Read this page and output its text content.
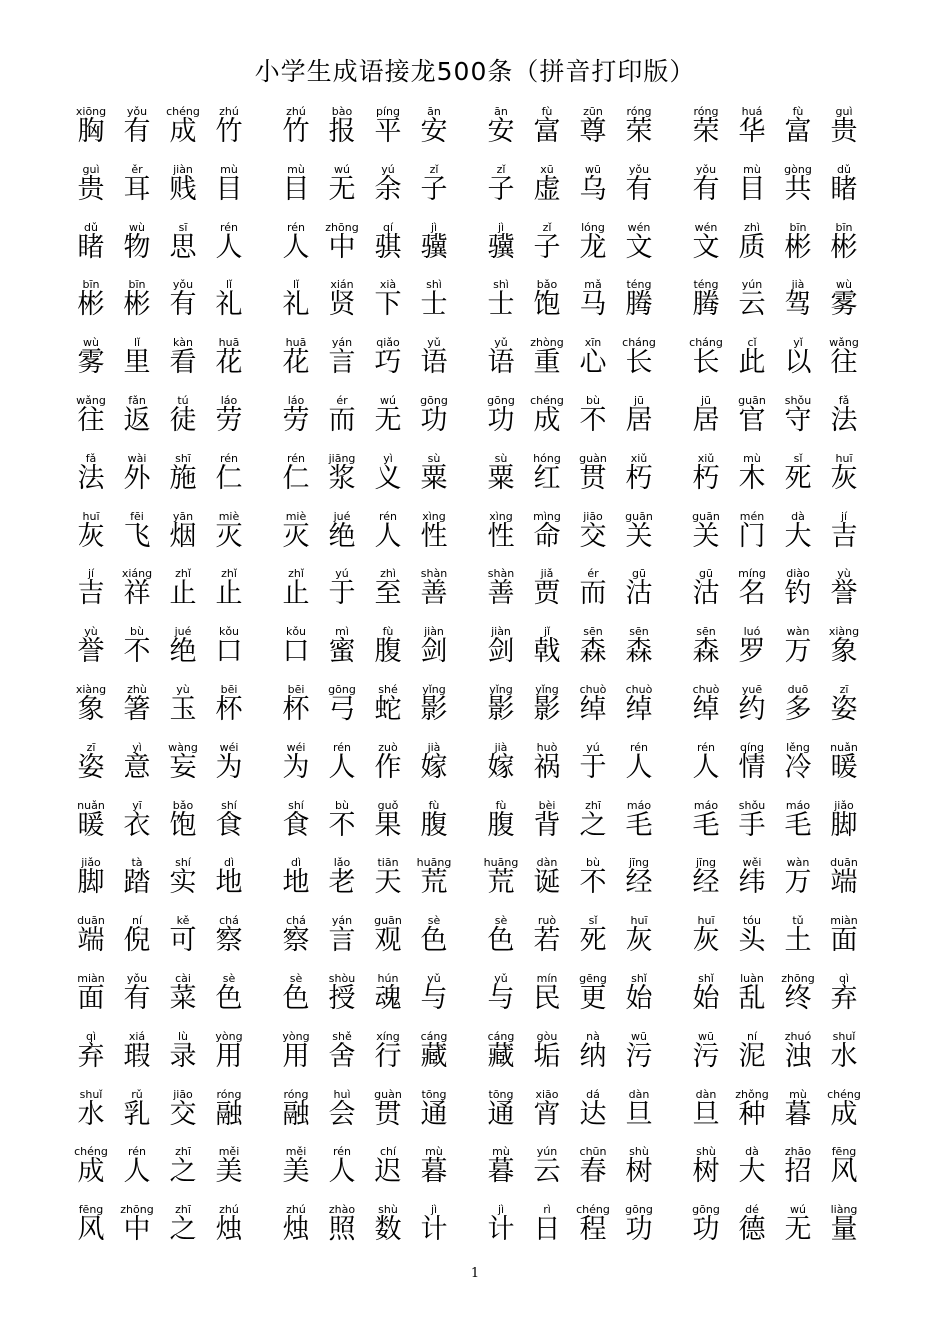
小学生成语接龙500条（拼音打印版）
xiōng
胸
yǒu
有
chéng
成
zhú
竹
zhú
竹
bào
报
píng
平
ān
安
ān
安
fù
富
zūn
尊
róng
荣
róng
荣
huá
华
fù
富
guì
贵
guì
贵
ěr
耳
jiàn
贱
mù
目
mù
目
wú
无
yú
余
zǐ
子
zǐ
子
xū
虚
wū
乌
yǒu
有
yǒu
有
mù
目
gòng
共
dǔ
睹
dǔ
睹
wù
物
sī
思
rén
人
rén
人
zhōng
中
qí
骐
jì
骥
jì
骥
zǐ
子
lóng
龙
wén
文
wén
文
zhì
质
bīn
彬
bīn
彬
bīn
彬
bīn
彬
yǒu
有
lǐ
礼
lǐ
礼
xián
贤
xià
下
shì
士
shì
士
bǎo
饱
mǎ
马
téng
腾
téng
腾
yún
云
jià
驾
wù
雾
wù
雾
lǐ
里
kàn
看
huā
花
huā
花
yán
言
qiǎo
巧
yǔ
语
yǔ
语
zhòng
重
xīn
心
cháng
长
cháng
长
cǐ
此
yǐ
以
wǎng
往
wǎng
往
fǎn
返
tú
徒
láo
劳
láo
劳
ér
而
wú
无
gōng
功
gōng
功
chéng
成
bù
不
jū
居
jū
居
guān
官
shǒu
守
fǎ
法
fǎ
法
wài
外
shī
施
rén
仁
rén
仁
jiāng
浆
yì
义
sù
粟
sù
粟
hóng
红
guàn
贯
xiǔ
朽
xiǔ
朽
mù
木
sǐ
死
huī
灰
huī
灰
fēi
飞
yān
烟
miè
灭
miè
灭
jué
绝
rén
人
xìng
性
xìng
性
mìng
命
jiāo
交
guān
关
guān
关
mén
门
dà
大
jí
吉
jí
吉
xiáng
祥
zhǐ
止
zhǐ
止
zhǐ
止
yú
于
zhì
至
shàn
善
shàn
善
jiǎ
贾
ér
而
gū
沽
gū
沽
míng
名
diào
钓
yù
誉
yù
誉
bù
不
jué
绝
kǒu
口
kǒu
口
mì
蜜
fù
腹
jiàn
剑
jiàn
剑
jǐ
戟
sēn
森
sēn
森
sēn
森
luó
罗
wàn
万
xiàng
象
xiàng
象
zhù
箸
yù
玉
bēi
杯
bēi
杯
gōng
弓
shé
蛇
yǐng
影
yǐng
影
yǐng
影
chuò
绰
chuò
绰
chuò
绰
yuē
约
duō
多
zī
姿
zī
姿
yì
意
wàng
妄
wéi
为
wéi
为
rén
人
zuò
作
jià
嫁
jià
嫁
huò
祸
yú
于
rén
人
rén
人
qíng
情
lěng
冷
nuǎn
暖
nuǎn
暖
yī
衣
bǎo
饱
shí
食
shí
食
bù
不
guǒ
果
fù
腹
fù
腹
bèi
背
zhī
之
máo
毛
máo
毛
shǒu
手
máo
毛
jiǎo
脚
jiǎo
脚
tà
踏
shí
实
dì
地
dì
地
lǎo
老
tiān
天
huāng
荒
huāng
荒
dàn
诞
bù
不
jīng
经
jīng
经
wěi
纬
wàn
万
duān
端
duān
端
ní
倪
kě
可
chá
察
chá
察
yán
言
guān
观
sè
色
sè
色
ruò
若
sǐ
死
huī
灰
huī
灰
tóu
头
tǔ
土
miàn
面
miàn
面
yǒu
有
cài
菜
sè
色
sè
色
shòu
授
hún
魂
yǔ
与
yǔ
与
mín
民
gēng
更
shǐ
始
shǐ
始
luàn
乱
zhōng
终
qì
弃
qì
弃
xiá
瑕
lù
录
yòng
用
yòng
用
shě
舍
xíng
行
cáng
藏
cáng
藏
gòu
垢
nà
纳
wū
污
wū
污
ní
泥
zhuó
浊
shuǐ
水
shuǐ
水
rǔ
乳
jiāo
交
róng
融
róng
融
huì
会
guàn
贯
tōng
通
tōng
通
xiāo
宵
dá
达
dàn
旦
dàn
旦
zhǒng
种
mù
暮
chéng
成
chéng
成
rén
人
zhī
之
měi
美
měi
美
rén
人
chí
迟
mù
暮
mù
暮
yún
云
chūn
春
shù
树
shù
树
dà
大
zhāo
招
fēng
风
fēng
风
zhōng
中
zhī
之
zhú
烛
zhú
烛
zhào
照
shù
数
jì
计
jì
计
rì
日
chéng
程
gōng
功
gōng
功
dé
德
wú
无
liàng
量
1
